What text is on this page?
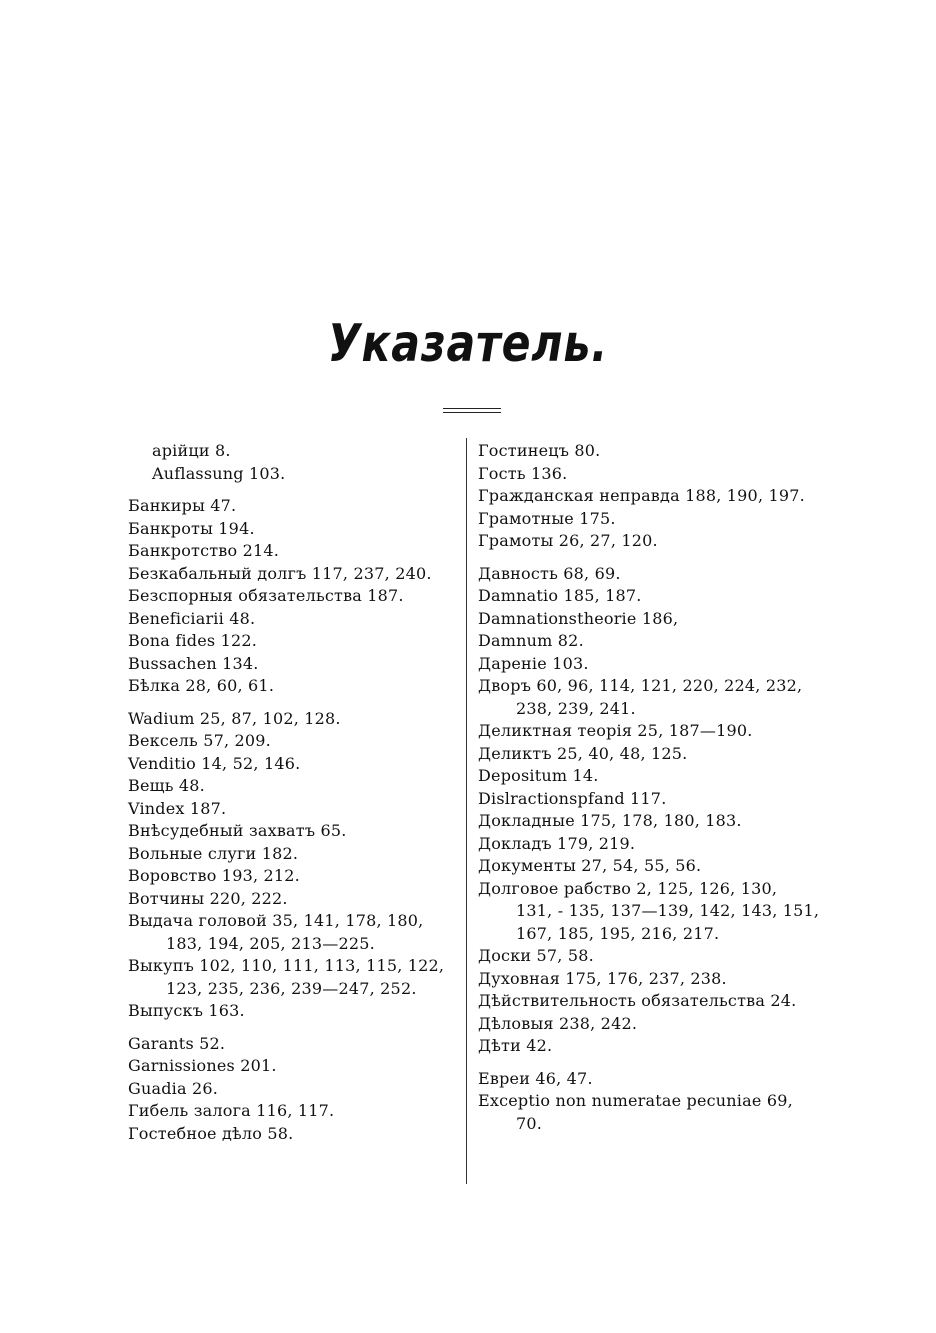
Указатель.
арійци 8.
Auflassung 103.
Банкиры 47.
Банкроты 194.
Банкротство 214.
Безкабальный долгъ 117, 237, 240.
Безспорныя обязательства 187.
Beneficiarii 48.
Bona fides 122.
Bussachen 134.
Бѣлка 28, 60, 61.
Wadium 25, 87, 102, 128.
Вексель 57, 209.
Venditio 14, 52, 146.
Вещь 48.
Vindex 187.
Внѣсудебный захватъ 65.
Вольные слуги 182.
Воровство 193, 212.
Вотчины 220, 222.
Выдача головой 35, 141, 178, 180,
183, 194, 205, 213—225.
Выкупъ 102, 110, 111, 113, 115, 122,
123, 235, 236, 239—247, 252.
Выпускъ 163.
Garants 52.
Garnissiones 201.
Guadia 26.
Гибель залога 116, 117.
Гостебное дѣло 58.
Гостинецъ 80.
Гость 136.
Гражданская неправда 188, 190, 197.
Грамотные 175.
Грамоты 26, 27, 120.
Давность 68, 69.
Damnatio 185, 187.
Damnationstheorie 186,
Damnum 82.
Дареніе 103.
Дворъ 60, 96, 114, 121, 220, 224, 232,
238, 239, 241.
Деликтная теорія 25, 187—190.
Деликтъ 25, 40, 48, 125.
Depositum 14.
Dislractionspfand 117.
Докладные 175, 178, 180, 183.
Докладъ 179, 219.
Документы 27, 54, 55, 56.
Долговое рабство 2, 125, 126, 130,
131, - 135, 137—139, 142, 143, 151,
167, 185, 195, 216, 217.
Доски 57, 58.
Духовная 175, 176, 237, 238.
Дѣйствительность обязательства 24.
Дѣловыя 238, 242.
Дѣти 42.
Евреи 46, 47.
Exceptio non numeratae pecuniae 69,
70.
